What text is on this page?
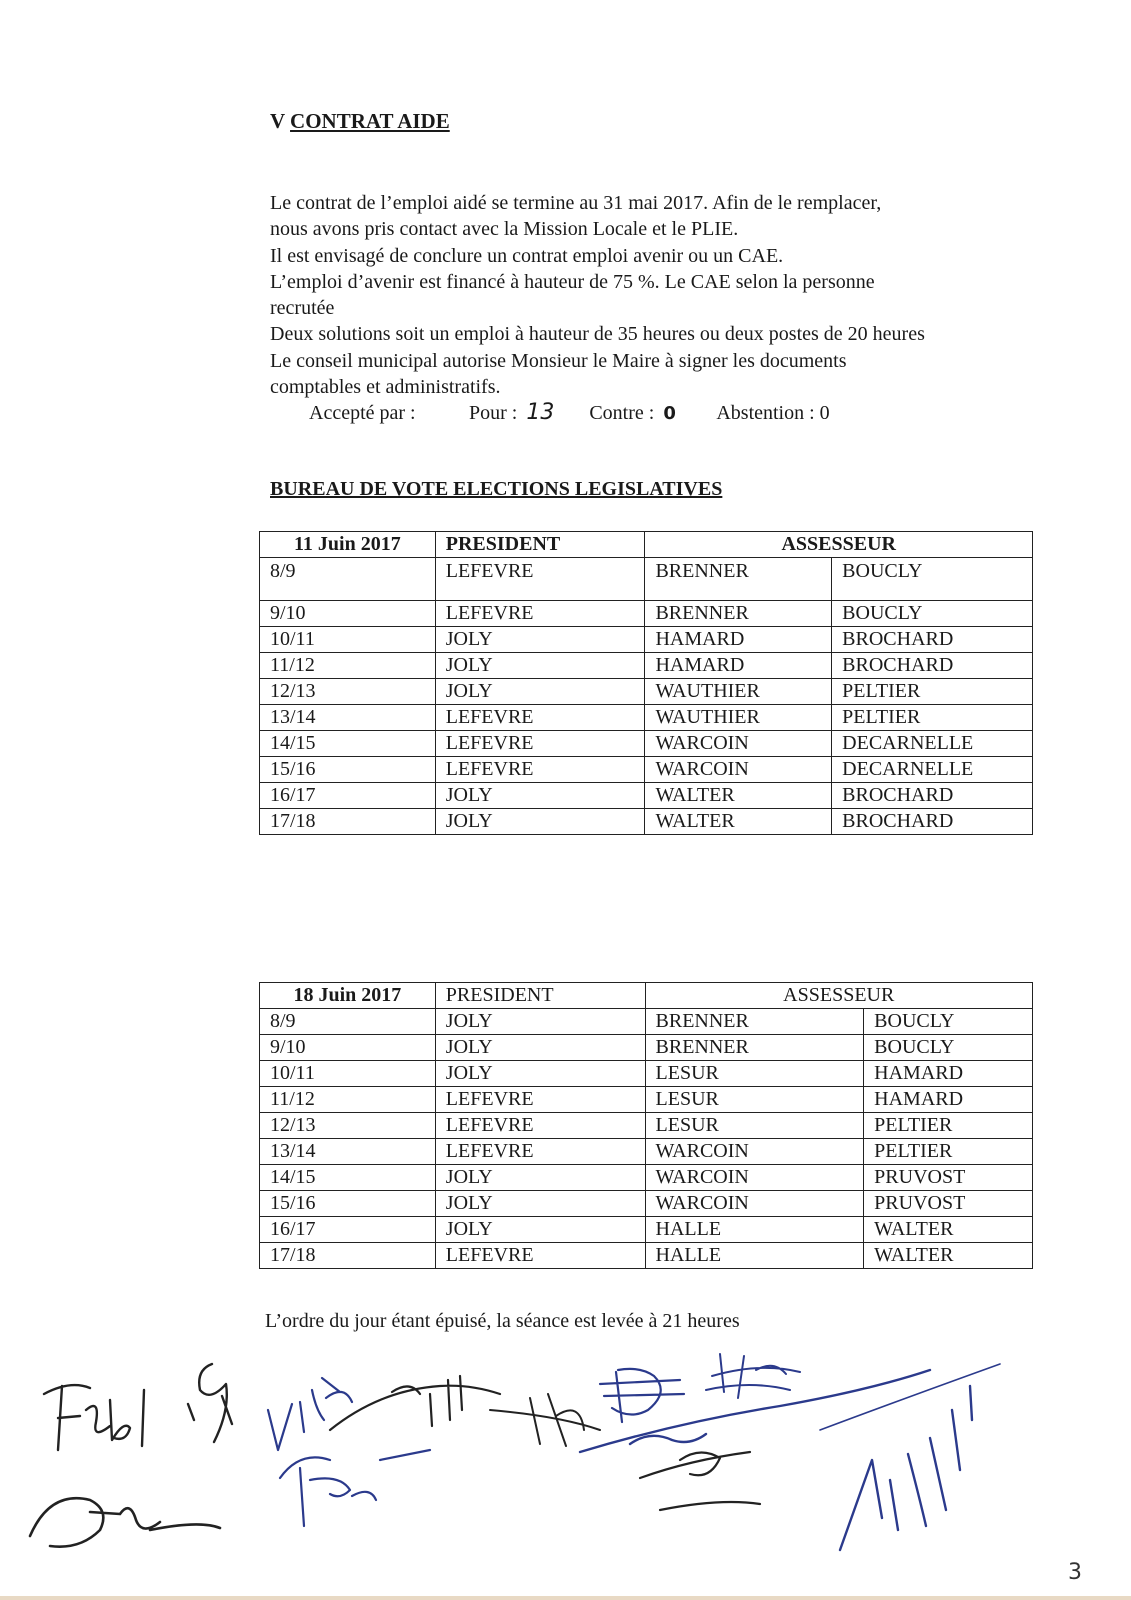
V CONTRAT AIDE
Le contrat de l’emploi aidé se termine au 31 mai 2017. Afin de le remplacer,
nous avons pris contact avec la Mission Locale et le PLIE.
Il est envisagé de conclure un contrat emploi avenir ou un CAE.
L’emploi d’avenir est financé à hauteur de 75 %. Le CAE selon la personne
recrutée
Deux solutions soit un emploi à hauteur de 35 heures ou deux postes de 20 heures
Le conseil municipal autorise Monsieur le Maire à signer les documents
comptables et administratifs.
Accepté par :	Pour : 13 Contre : 0 Abstention : 0
BUREAU DE VOTE ELECTIONS LEGISLATIVES
11 Juin 2017	PRESIDENT	ASSESSEUR	
8/9	LEFEVRE	BRENNER	BOUCLY
9/10	LEFEVRE	BRENNER	BOUCLY
10/11	JOLY	HAMARD	BROCHARD
11/12	JOLY	HAMARD	BROCHARD
12/13	JOLY	WAUTHIER	PELTIER
13/14	LEFEVRE	WAUTHIER	PELTIER
14/15	LEFEVRE	WARCOIN	DECARNELLE
15/16	LEFEVRE	WARCOIN	DECARNELLE
16/17	JOLY	WALTER	BROCHARD
17/18	JOLY	WALTER	BROCHARD
18 Juin 2017	PRESIDENT	ASSESSEUR	
8/9	JOLY	BRENNER	BOUCLY
9/10	JOLY	BRENNER	BOUCLY
10/11	JOLY	LESUR	HAMARD
11/12	LEFEVRE	LESUR	HAMARD
12/13	LEFEVRE	LESUR	PELTIER
13/14	LEFEVRE	WARCOIN	PELTIER
14/15	JOLY	WARCOIN	PRUVOST
15/16	JOLY	WARCOIN	PRUVOST
16/17	JOLY	HALLE	WALTER
17/18	LEFEVRE	HALLE	WALTER
L’ordre du jour étant épuisé, la séance est levée à 21 heures
3
